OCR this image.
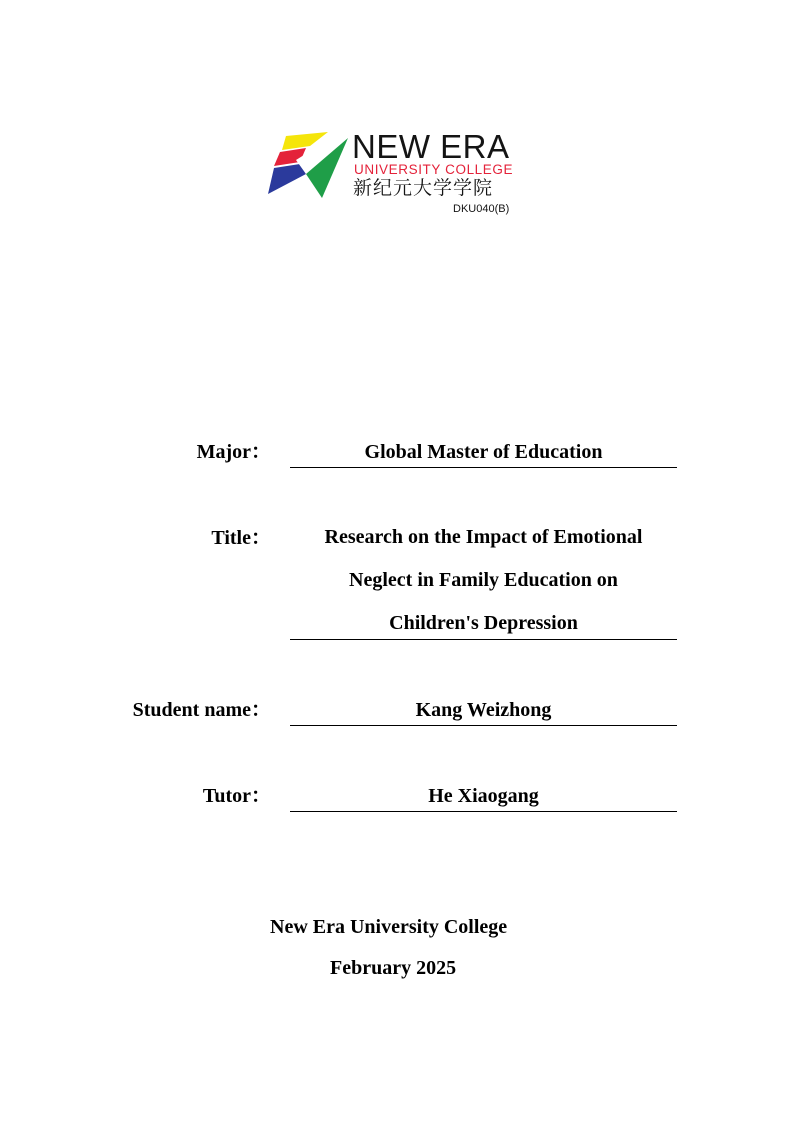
NEW ERA
UNIVERSITY COLLEGE
新纪元大学学院
DKU040(B)
Major：	Global Master of Education
Title：	Research on the Impact of Emotional
Neglect in Family Education on
Children's Depression
Student name：	Kang Weizhong
Tutor：	He Xiaogang
New Era University College
February 2025
